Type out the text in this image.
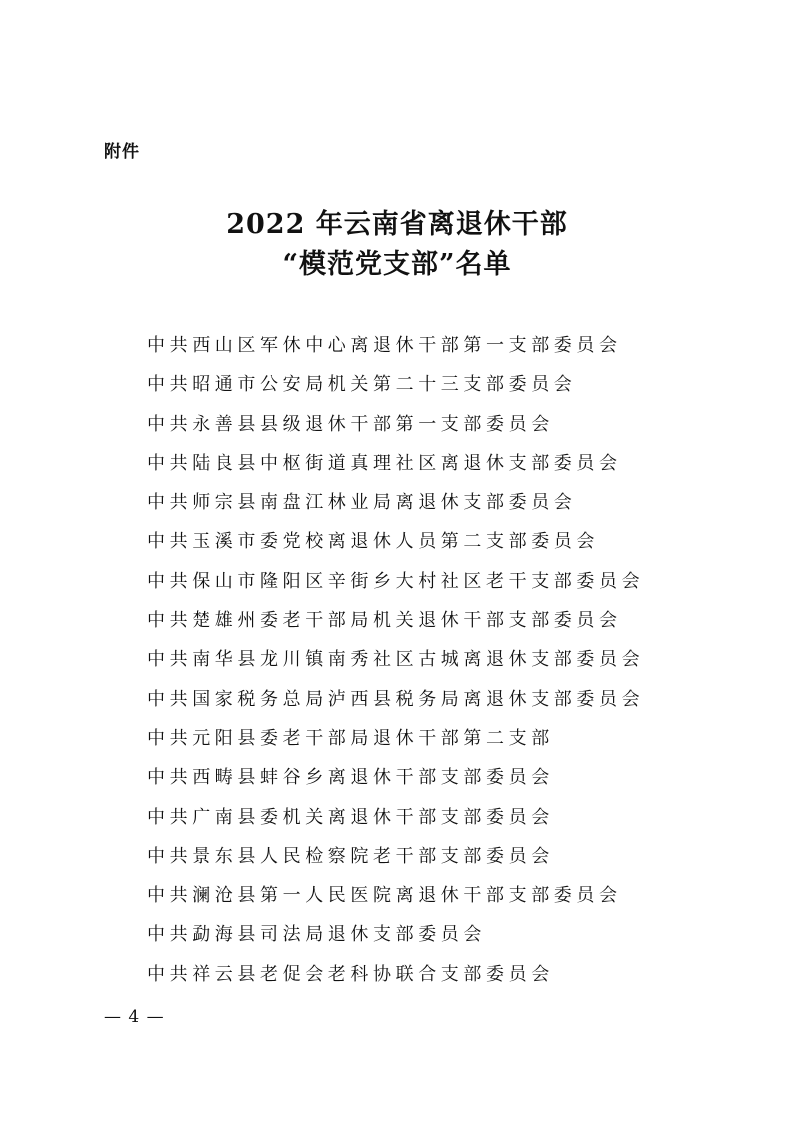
附件
2022 年云南省离退休干部
“模范党支部”名单
中共西山区军休中心离退休干部第一支部委员会
中共昭通市公安局机关第二十三支部委员会
中共永善县县级退休干部第一支部委员会
中共陆良县中枢街道真理社区离退休支部委员会
中共师宗县南盘江林业局离退休支部委员会
中共玉溪市委党校离退休人员第二支部委员会
中共保山市隆阳区辛街乡大村社区老干支部委员会
中共楚雄州委老干部局机关退休干部支部委员会
中共南华县龙川镇南秀社区古城离退休支部委员会
中共国家税务总局泸西县税务局离退休支部委员会
中共元阳县委老干部局退休干部第二支部
中共西畴县蚌谷乡离退休干部支部委员会
中共广南县委机关离退休干部支部委员会
中共景东县人民检察院老干部支部委员会
中共澜沧县第一人民医院离退休干部支部委员会
中共勐海县司法局退休支部委员会
中共祥云县老促会老科协联合支部委员会
— 4 —
